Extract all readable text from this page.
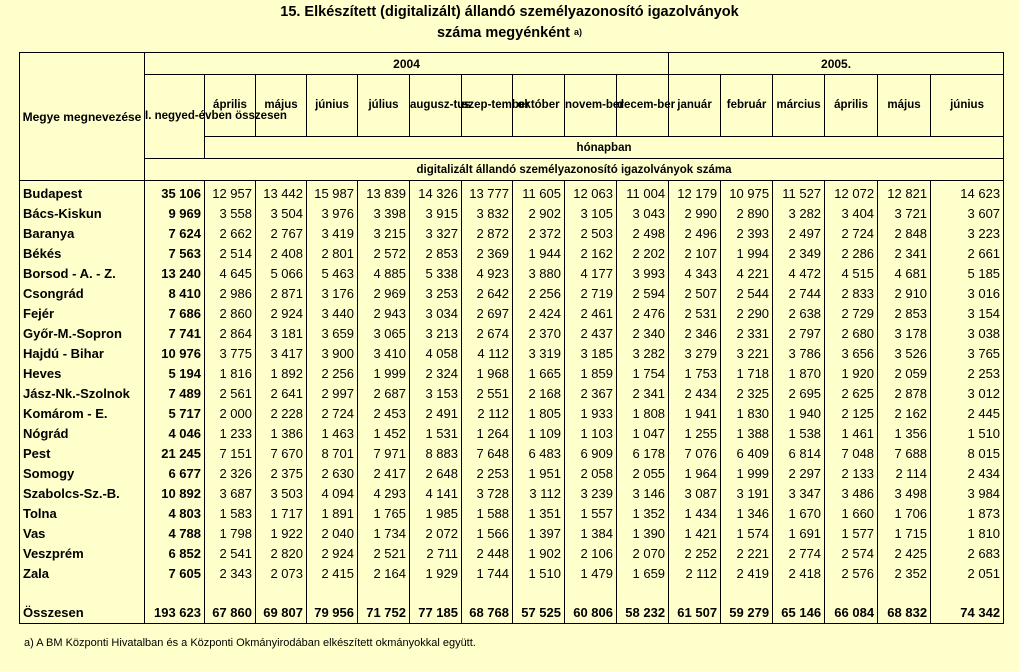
15. Elkészített (digitalizált) állandó személyazonosító igazolványok
száma megyénként $^{a)}$
Megye megnevezése	2004										2005.					
	I. negyed-évben összesen	április	május	június	július	augusz-tus	szep-tember	október	novem-ber	decem-ber	január	február	március	április	május	június
		hónapban														
	digitalizált állandó személyazonosító igazolványok száma															
Budapest	35 106	12 957	13 442	15 987	13 839	14 326	13 777	11 605	12 063	11 004	12 179	10 975	11 527	12 072	12 821	14 623
Bács-Kiskun	9 969	3 558	3 504	3 976	3 398	3 915	3 832	2 902	3 105	3 043	2 990	2 890	3 282	3 404	3 721	3 607
Baranya	7 624	2 662	2 767	3 419	3 215	3 327	2 872	2 372	2 503	2 498	2 496	2 393	2 497	2 724	2 848	3 223
Békés	7 563	2 514	2 408	2 801	2 572	2 853	2 369	1 944	2 162	2 202	2 107	1 994	2 349	2 286	2 341	2 661
Borsod - A. - Z.	13 240	4 645	5 066	5 463	4 885	5 338	4 923	3 880	4 177	3 993	4 343	4 221	4 472	4 515	4 681	5 185
Csongrád	8 410	2 986	2 871	3 176	2 969	3 253	2 642	2 256	2 719	2 594	2 507	2 544	2 744	2 833	2 910	3 016
Fejér	7 686	2 860	2 924	3 440	2 943	3 034	2 697	2 424	2 461	2 476	2 531	2 290	2 638	2 729	2 853	3 154
Győr-M.-Sopron	7 741	2 864	3 181	3 659	3 065	3 213	2 674	2 370	2 437	2 340	2 346	2 331	2 797	2 680	3 178	3 038
Hajdú - Bihar	10 976	3 775	3 417	3 900	3 410	4 058	4 112	3 319	3 185	3 282	3 279	3 221	3 786	3 656	3 526	3 765
Heves	5 194	1 816	1 892	2 256	1 999	2 324	1 968	1 665	1 859	1 754	1 753	1 718	1 870	1 920	2 059	2 253
Jász-Nk.-Szolnok	7 489	2 561	2 641	2 997	2 687	3 153	2 551	2 168	2 367	2 341	2 434	2 325	2 695	2 625	2 878	3 012
Komárom - E.	5 717	2 000	2 228	2 724	2 453	2 491	2 112	1 805	1 933	1 808	1 941	1 830	1 940	2 125	2 162	2 445
Nógrád	4 046	1 233	1 386	1 463	1 452	1 531	1 264	1 109	1 103	1 047	1 255	1 388	1 538	1 461	1 356	1 510
Pest	21 245	7 151	7 670	8 701	7 971	8 883	7 648	6 483	6 909	6 178	7 076	6 409	6 814	7 048	7 688	8 015
Somogy	6 677	2 326	2 375	2 630	2 417	2 648	2 253	1 951	2 058	2 055	1 964	1 999	2 297	2 133	2 114	2 434
Szabolcs-Sz.-B.	10 892	3 687	3 503	4 094	4 293	4 141	3 728	3 112	3 239	3 146	3 087	3 191	3 347	3 486	3 498	3 984
Tolna	4 803	1 583	1 717	1 891	1 765	1 985	1 588	1 351	1 557	1 352	1 434	1 346	1 670	1 660	1 706	1 873
Vas	4 788	1 798	1 922	2 040	1 734	2 072	1 566	1 397	1 384	1 390	1 421	1 574	1 691	1 577	1 715	1 810
Veszprém	6 852	2 541	2 820	2 924	2 521	2 711	2 448	1 902	2 106	2 070	2 252	2 221	2 774	2 574	2 425	2 683
Zala	7 605	2 343	2 073	2 415	2 164	1 929	1 744	1 510	1 479	1 659	2 112	2 419	2 418	2 576	2 352	2 051

Összesen	193 623	67 860	69 807	79 956	71 752	77 185	68 768	57 525	60 806	58 232	61 507	59 279	65 146	66 084	68 832	74 342
a) A BM Központi Hivatalban és a Központi Okmányirodában elkészített okmányokkal együtt.
